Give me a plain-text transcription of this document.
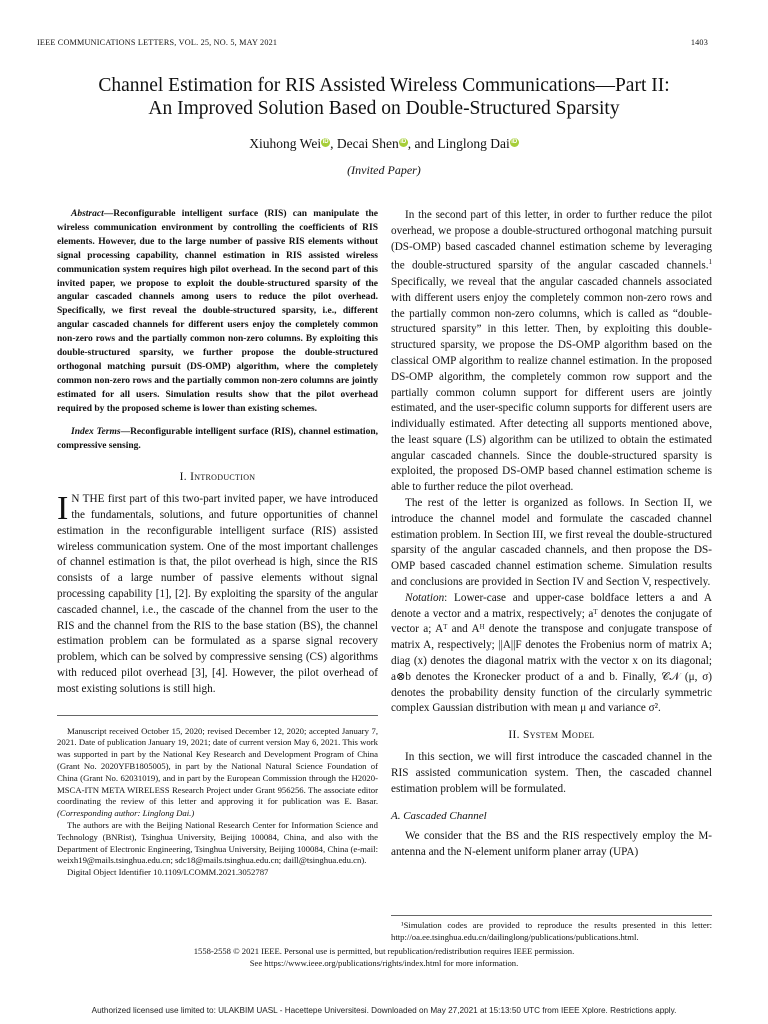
IEEE COMMUNICATIONS LETTERS, VOL. 25, NO. 5, MAY 2021	1403
Channel Estimation for RIS Assisted Wireless Communications—Part II:
An Improved Solution Based on Double-Structured Sparsity
Xiuhong Wei iD , Decai Shen iD , and Linglong Dai iD
(Invited Paper)

Abstract—Reconfigurable intelligent surface (RIS) can manipulate the wireless communication environment by controlling the coefficients of RIS elements. However, due to the large number of passive RIS elements without signal processing capability, channel estimation in RIS assisted wireless communication system requires high pilot overhead. In the second part of this invited paper, we propose to exploit the double-structured sparsity of the angular cascaded channels among users to reduce the pilot overhead. Specifically, we first reveal the double-structured sparsity, i.e., different angular cascaded channels for different users enjoy the completely common non-zero rows and the partially common non-zero columns. By exploiting this double-structured sparsity, we further propose the double-structured orthogonal matching pursuit (DS-OMP) algorithm, where the completely common non-zero rows and the partially common non-zero columns are jointly estimated for all users. Simulation results show that the pilot overhead required by the proposed scheme is lower than existing schemes.

Index Terms—Reconfigurable intelligent surface (RIS), channel estimation, compressive sensing.

I. Introduction

I N THE first part of this two-part invited paper, we have introduced the fundamentals, solutions, and future opportunities of channel estimation in the reconfigurable intelligent surface (RIS) assisted wireless communication system. One of the most important challenges of channel estimation is that, the pilot overhead is high, since the RIS consists of a large number of passive elements without signal processing capability [1], [2]. By exploiting the sparsity of the angular cascaded channel, i.e., the cascade of the channel from the user to the RIS and the channel from the RIS to the base station (BS), the channel estimation problem can be formulated as a sparse signal recovery problem, which can be solved by compressive sensing (CS) algorithms with reduced pilot overhead [3], [4]. However, the pilot overhead of most existing solutions is still high.

Manuscript received October 15, 2020; revised December 12, 2020; accepted January 7, 2021. Date of publication January 19, 2021; date of current version May 6, 2021. This work was supported in part by the National Key Research and Development Program of China (Grant No. 2020YFB1805005), in part by the National Natural Science Foundation of China (Grant No. 62031019), and in part by the European Commission through the H2020-MSCA-ITN META WIRELESS Research Project under Grant 956256. The associate editor coordinating the review of this letter and approving it for publication was E. Basar. (Corresponding author: Linglong Dai.)

The authors are with the Beijing National Research Center for Information Science and Technology (BNRist), Tsinghua University, Beijing 100084, China, and also with the Department of Electronic Engineering, Tsinghua University, Beijing 100084, China (e-mail: weixh19@mails.tsinghua.edu.cn; sdc18@mails.tsinghua.edu.cn; daill@tsinghua.edu.cn).

Digital Object Identifier 10.1109/LCOMM.2021.3052787

In the second part of this letter, in order to further reduce the pilot overhead, we propose a double-structured orthogonal matching pursuit (DS-OMP) based cascaded channel estimation scheme by leveraging the double-structured sparsity of the angular cascaded channels.$^1$ Specifically, we reveal that the angular cascaded channels associated with different users enjoy the completely common non-zero rows and the partially common non-zero columns, which is called as “double-structured sparsity” in this letter. Then, by exploiting this double-structured sparsity, we propose the DS-OMP algorithm based on the classical OMP algorithm to realize channel estimation. In the proposed DS-OMP algorithm, the completely common row support and the partially common column support for different users are jointly estimated, and the user-specific column supports for different users are individually estimated. After detecting all supports mentioned above, the least square (LS) algorithm can be utilized to obtain the estimated angular cascaded channels. Since the double-structured sparsity is exploited, the proposed DS-OMP based channel estimation scheme is able to further reduce the pilot overhead.

The rest of the letter is organized as follows. In Section II, we introduce the channel model and formulate the cascaded channel estimation problem. In Section III, we first reveal the double-structured sparsity of the angular cascaded channels, and then propose the DS-OMP based cascaded channel estimation scheme. Simulation results and conclusions are provided in Section IV and Section V, respectively.

Notation: Lower-case and upper-case boldface letters a and A denote a vector and a matrix, respectively; aᵀ denotes the conjugate of vector a; Aᵀ and Aᴴ denote the transpose and conjugate transpose of matrix A, respectively; ||A||F denotes the Frobenius norm of matrix A; diag (x) denotes the diagonal matrix with the vector x on its diagonal; a⊗b denotes the Kronecker product of a and b. Finally, 𝒞𝒩 (μ, σ) denotes the probability density function of the circularly symmetric complex Gaussian distribution with mean μ and variance σ².

II. System Model

In this section, we will first introduce the cascaded channel in the RIS assisted communication system. Then, the cascaded channel estimation problem will be formulated.

A. Cascaded Channel

We consider that the BS and the RIS respectively employ the M-antenna and the N-element uniform planer array (UPA)

¹Simulation codes are provided to reproduce the results presented in this letter: http://oa.ee.tsinghua.edu.cn/dailinglong/publications/publications.html.
1558-2558 © 2021 IEEE. Personal use is permitted, but republication/redistribution requires IEEE permission.
See https://www.ieee.org/publications/rights/index.html for more information.
Authorized licensed use limited to: ULAKBIM UASL - Hacettepe Universitesi. Downloaded on May 27,2021 at 15:13:50 UTC from IEEE Xplore. Restrictions apply.
